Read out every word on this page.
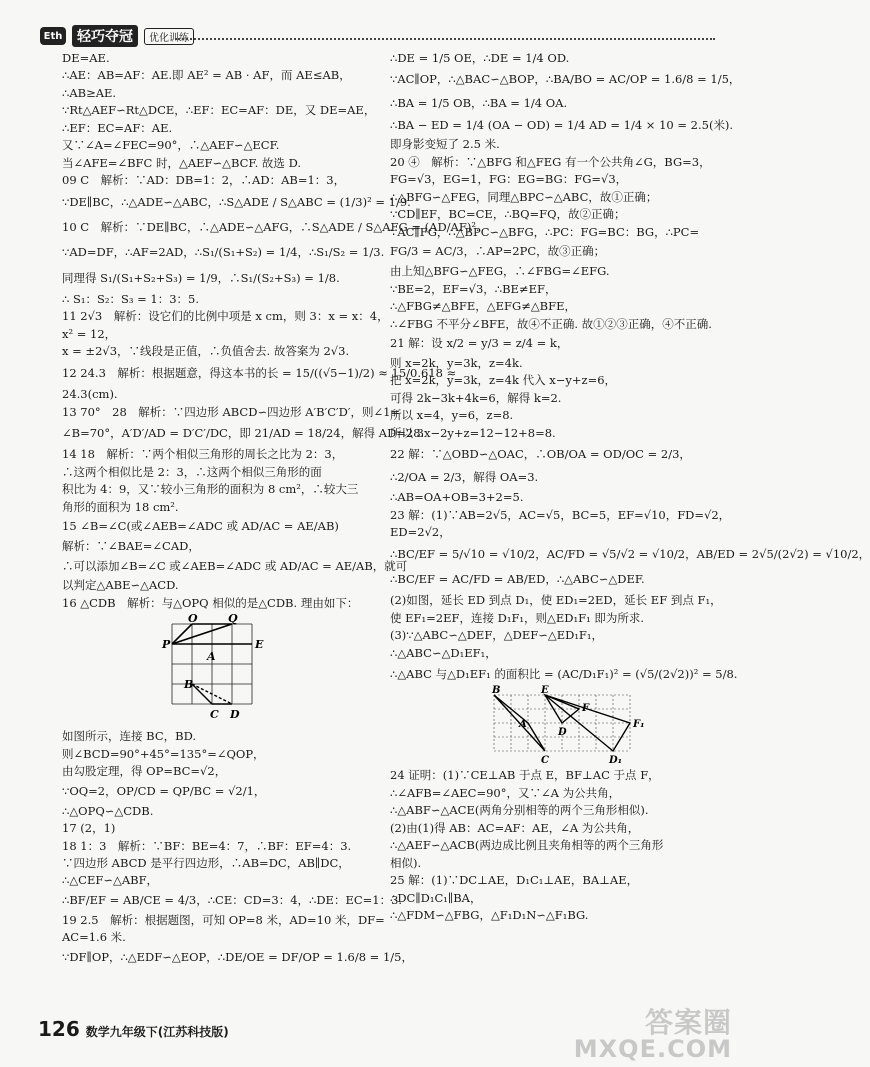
Eth	轻巧夺冠	优化训练

DE=AE.

∴AE：AB=AF：AE.即 AE² = AB · AF，而 AE≤AB，

∴AB≥AE.

∵Rt△AEF∽Rt△DCE，∴EF：EC=AF：DE，又 DE=AE，

∴EF：EC=AF：AE.

又∵∠A=∠FEC=90°，∴△AEF∽△ECF.

当∠AFE=∠BFC 时，△AEF∽△BCF. 故选 D.

09 C　解析：∵AD：DB=1：2，∴AD：AB=1：3，

∵DE∥BC，∴△ADE∽△ABC，∴S△ADE / S△ABC = (1/3)² = 1/9.

10 C　解析：∵DE∥BC，∴△ADE∽△AFG，∴S△ADE / S△AFG = (AD/AF)².

∵AD=DF，∴AF=2AD，∴S₁/(S₁+S₂) = 1/4，∴S₁/S₂ = 1/3.

同理得 S₁/(S₁+S₂+S₃) = 1/9，∴S₁/(S₂+S₃) = 1/8.

∴ S₁：S₂：S₃ = 1：3：5.

11 2√3　解析：设它们的比例中项是 x cm，则 3：x = x：4，

x² = 12，

x = ±2√3，∵线段是正值，∴负值舍去. 故答案为 2√3.

12 24.3　解析：根据题意，得这本书的长 = 15/((√5−1)/2) ≈ 15/0.618 ≈

24.3(cm).

13 70°　28　解析：∵四边形 ABCD∽四边形 A′B′C′D′，则∠1=

∠B=70°，A′D′/AD = D′C′/DC，即 21/AD = 18/24，解得 AD=28.

14 18　解析：∵两个相似三角形的周长之比为 2：3，

∴这两个相似比是 2：3，∴这两个相似三角形的面

积比为 4：9，又∵较小三角形的面积为 8 cm²，∴较大三

角形的面积为 18 cm².

15 ∠B=∠C(或∠AEB=∠ADC 或 AD/AC = AE/AB)

解析：∵∠BAE=∠CAD，

∴可以添加∠B=∠C 或∠AEB=∠ADC 或 AD/AC = AE/AB，就可

以判定△ABE∽△ACD.

16 △CDB　解析：与△OPQ 相似的是△CDB. 理由如下：

O	Q
P
A
E
B
C D

如图所示，连接 BC，BD.

则∠BCD=90°+45°=135°=∠QOP，

由勾股定理，得 OP=BC=√2，

∵OQ=2，OP/CD = QP/BC = √2/1，

∴△OPQ∽△CDB.

17 (2，1)

18 1：3　解析：∵BF：BE=4：7，∴BF：EF=4：3.

∵四边形 ABCD 是平行四边形，∴AB=DC，AB∥DC，

∴△CEF∽△ABF，

∴BF/EF = AB/CE = 4/3，∴CE：CD=3：4，∴DE：EC=1：3.

19 2.5　解析：根据题图，可知 OP=8 米，AD=10 米，DF=

AC=1.6 米.

∵DF∥OP，∴△EDF∽△EOP，∴DE/OE = DF/OP = 1.6/8 = 1/5，

∴DE = 1/5 OE，∴DE = 1/4 OD.

∵AC∥OP，∴△BAC∽△BOP，∴BA/BO = AC/OP = 1.6/8 = 1/5，

∴BA = 1/5 OB，∴BA = 1/4 OA.

∴BA − ED = 1/4 (OA − OD) = 1/4 AD = 1/4 × 10 = 2.5(米).

即身影变短了 2.5 米.

20 ④　解析：∵△BFG 和△FEG 有一个公共角∠G，BG=3，

FG=√3，EG=1，FG：EG=BG：FG=√3，

∴△BFG∽△FEG，同理△BPC∽△ABC，故①正确；

∵CD∥EF，BC=CE，∴BQ=FQ，故②正确；

∵AC∥FG，∴△BPC∽△BFG，∴PC：FG=BC：BG，∴PC=

FG/3 = AC/3，∴AP=2PC，故③正确；

由上知△BFG∽△FEG，∴∠FBG=∠EFG.

∵BE=2，EF=√3，∴BE≠EF，

∴△FBG≠△BFE，△EFG≠△BFE，

∴∠FBG 不平分∠BFE，故④不正确. 故①②③正确，④不正确.

21 解：设 x/2 = y/3 = z/4 = k，

则 x=2k，y=3k，z=4k.

把 x=2k，y=3k，z=4k 代入 x−y+z=6，

可得 2k−3k+4k=6，解得 k=2.

所以 x=4，y=6，z=8.

所以 3x−2y+z=12−12+8=8.

22 解：∵△OBD∽△OAC，∴OB/OA = OD/OC = 2/3，

∴2/OA = 2/3，解得 OA=3.

∴AB=OA+OB=3+2=5.

23 解：(1)∵AB=2√5，AC=√5，BC=5，EF=√10，FD=√2，

ED=2√2，

∴BC/EF = 5/√10 = √10/2，AC/FD = √5/√2 = √10/2，AB/ED = 2√5/(2√2) = √10/2，

∴BC/EF = AC/FD = AB/ED，∴△ABC∽△DEF.

(2)如图，延长 ED 到点 D₁，使 ED₁=2ED，延长 EF 到点 F₁，

使 EF₁=2EF，连接 D₁F₁，则△ED₁F₁ 即为所求.

(3)∵△ABC∽△DEF，△DEF∽△ED₁F₁，

∴△ABC∽△D₁EF₁，

∴△ABC 与△D₁EF₁ 的面积比 = (AC/D₁F₁)² = (√5/(2√2))² = 5/8.

B	E
A
F
D
F₁
C	D₁

24 证明：(1)∵CE⊥AB 于点 E，BF⊥AC 于点 F，

∴∠AFB=∠AEC=90°，又∵∠A 为公共角，

∴△ABF∽△ACE(两角分别相等的两个三角形相似).

(2)由(1)得 AB：AC=AF：AE，∠A 为公共角，

∴△AEF∽△ACB(两边成比例且夹角相等的两个三角形

相似).

25 解：(1)∵DC⊥AE，D₁C₁⊥AE，BA⊥AE，

∴DC∥D₁C₁∥BA，

∴△FDM∽△FBG，△F₁D₁N∽△F₁BG.

126 数学九年级下(江苏科技版)	答案圈
MXQE.COM
